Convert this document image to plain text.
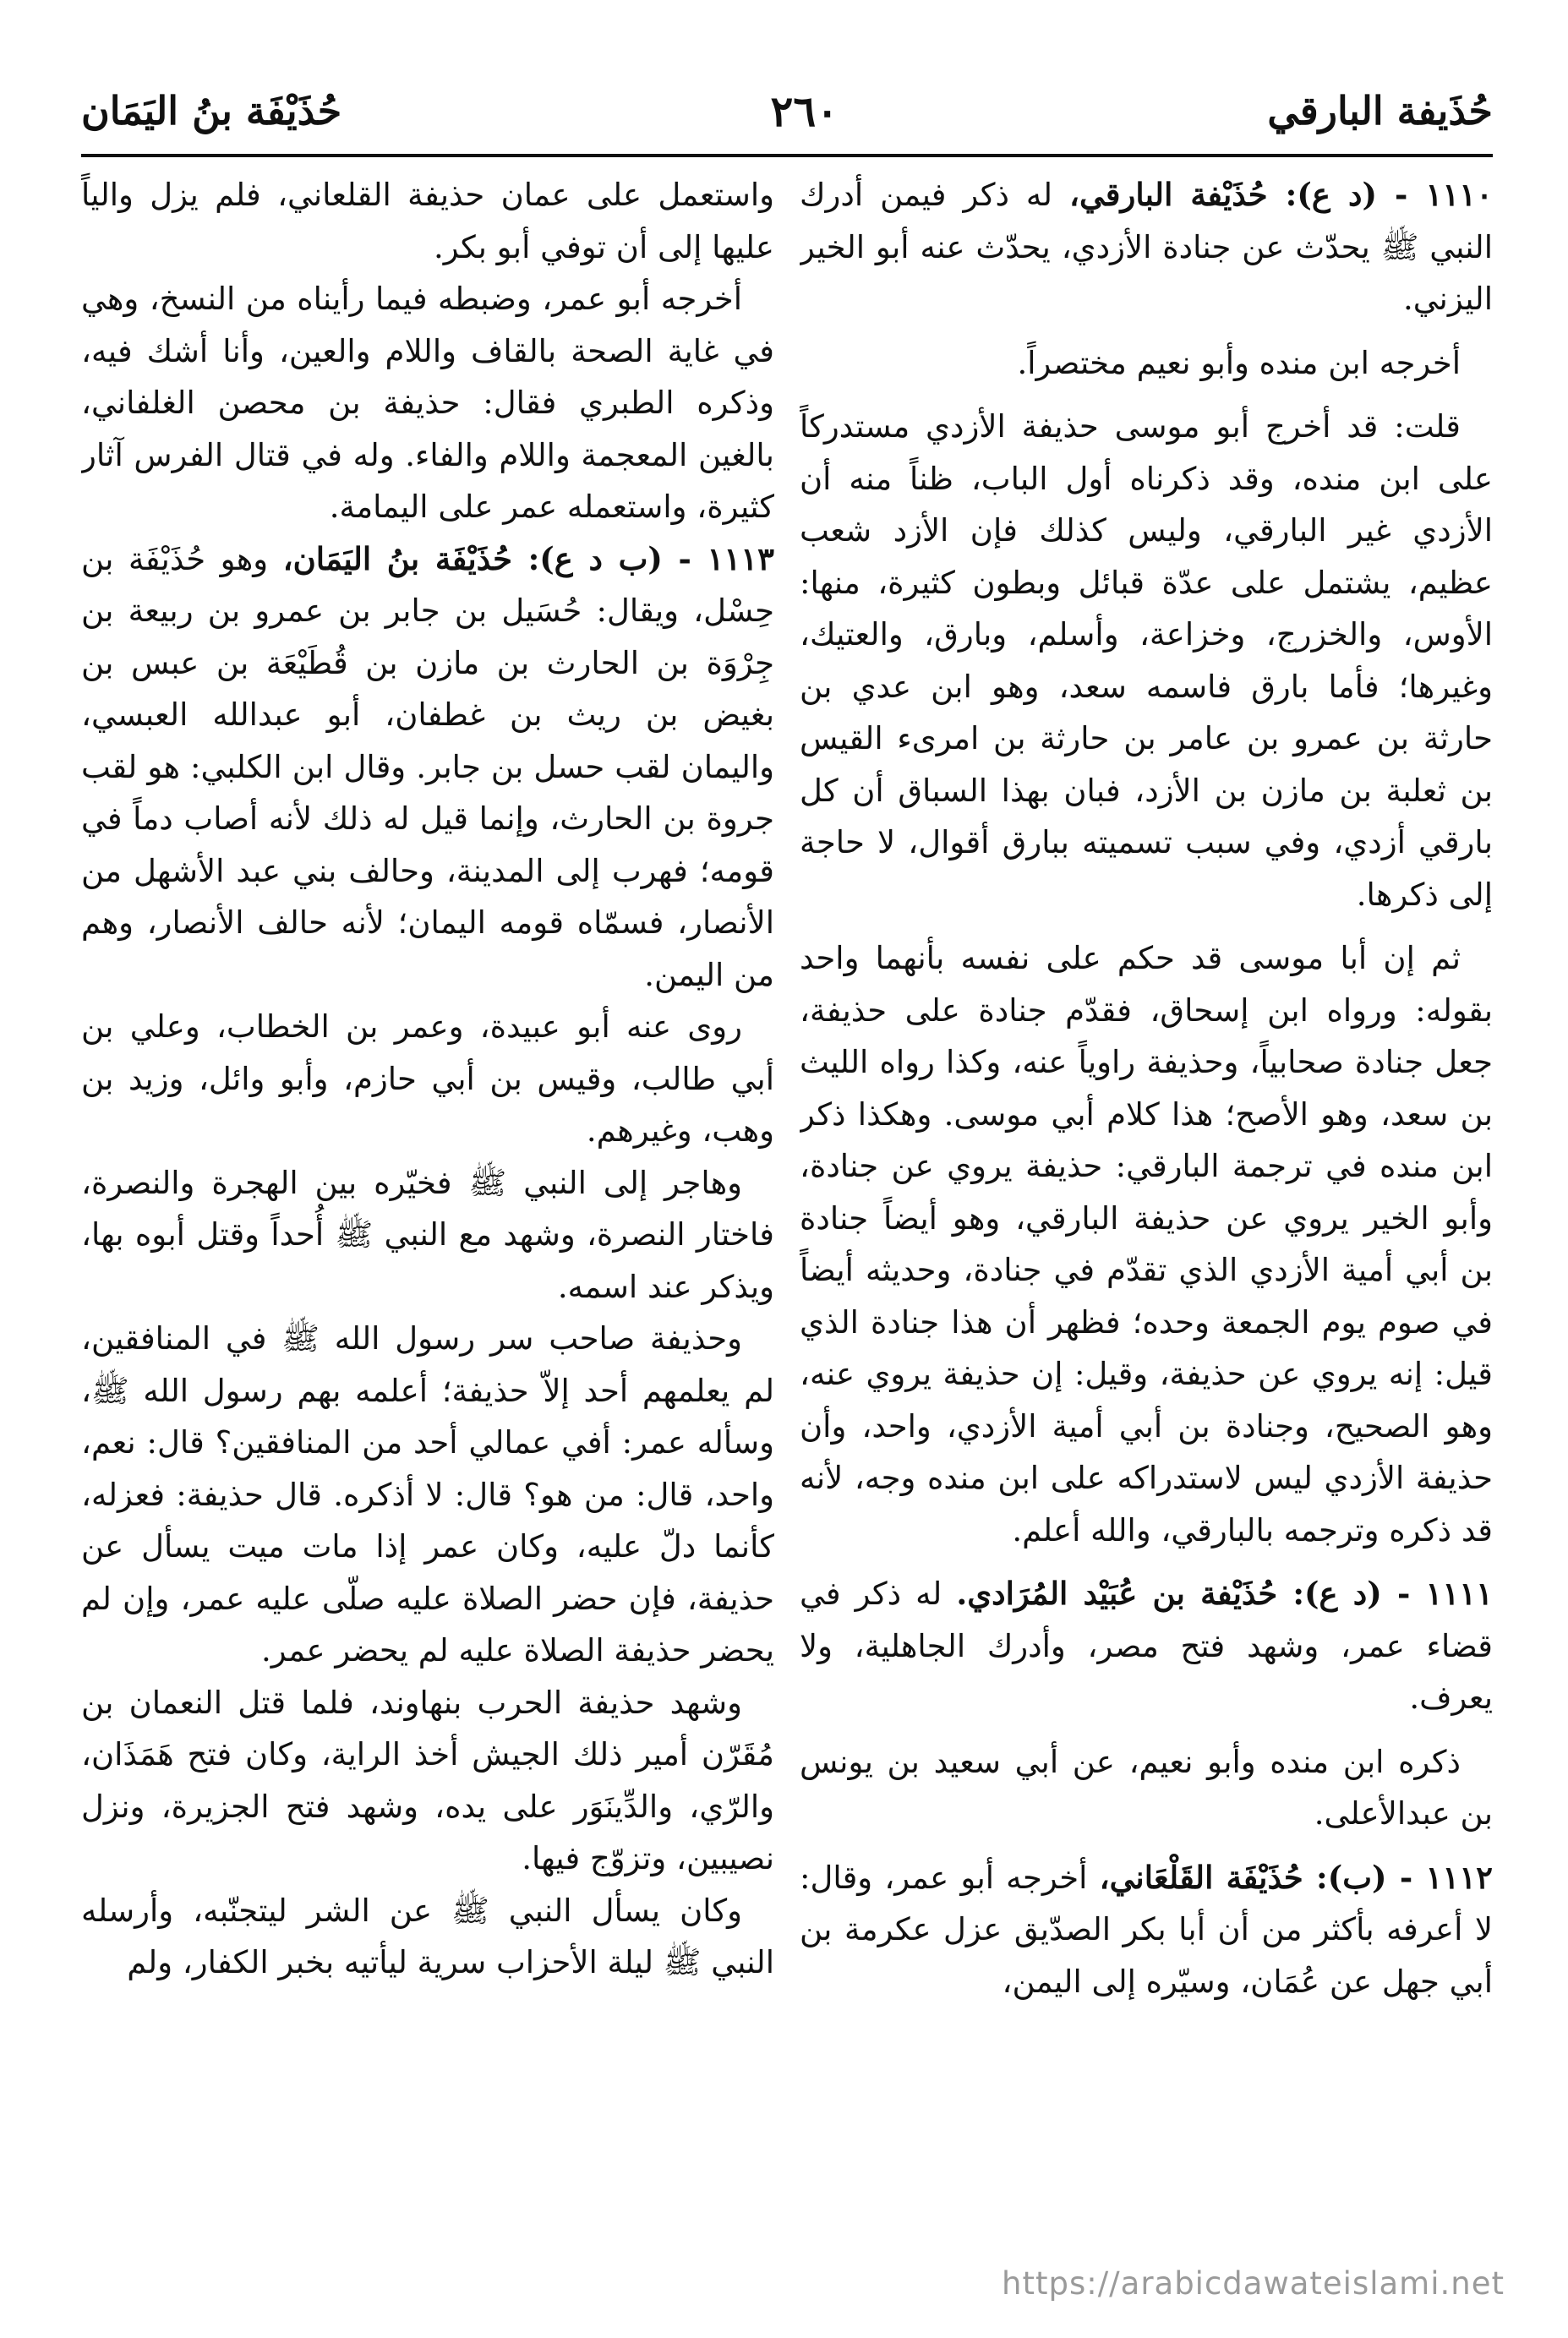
حُذَيفة البارقي
٢٦٠
حُذَيْفَة بنُ اليَمَان

١١١٠ - (د ع): حُذَيْفة البارقي، له ذكر فيمن أدرك النبي ﷺ يحدّث عن جنادة الأزدي، يحدّث عنه أبو الخير اليزني.

أخرجه ابن منده وأبو نعيم مختصراً.

قلت: قد أخرج أبو موسى حذيفة الأزدي مستدركاً على ابن منده، وقد ذكرناه أول الباب، ظناً منه أن الأزدي غير البارقي، وليس كذلك فإن الأزد شعب عظيم، يشتمل على عدّة قبائل وبطون كثيرة، منها: الأوس، والخزرج، وخزاعة، وأسلم، وبارق، والعتيك، وغيرها؛ فأما بارق فاسمه سعد، وهو ابن عدي بن حارثة بن عمرو بن عامر بن حارثة بن امرىء القيس بن ثعلبة بن مازن بن الأزد، فبان بهذا السباق أن كل بارقي أزدي، وفي سبب تسميته ببارق أقوال، لا حاجة إلى ذكرها.

ثم إن أبا موسى قد حكم على نفسه بأنهما واحد بقوله: ورواه ابن إسحاق، فقدّم جنادة على حذيفة، جعل جنادة صحابياً، وحذيفة راوياً عنه، وكذا رواه الليث بن سعد، وهو الأصح؛ هذا كلام أبي موسى. وهكذا ذكر ابن منده في ترجمة البارقي: حذيفة يروي عن جنادة، وأبو الخير يروي عن حذيفة البارقي، وهو أيضاً جنادة بن أبي أمية الأزدي الذي تقدّم في جنادة، وحديثه أيضاً في صوم يوم الجمعة وحده؛ فظهر أن هذا جنادة الذي قيل: إنه يروي عن حذيفة، وقيل: إن حذيفة يروي عنه، وهو الصحيح، وجنادة بن أبي أمية الأزدي، واحد، وأن حذيفة الأزدي ليس لاستدراكه على ابن منده وجه، لأنه قد ذكره وترجمه بالبارقي، والله أعلم.

١١١١ - (د ع): حُذَيْفة بن عُبَيْد المُرَادي. له ذكر في قضاء عمر، وشهد فتح مصر، وأدرك الجاهلية، ولا يعرف.

ذكره ابن منده وأبو نعيم، عن أبي سعيد بن يونس بن عبدالأعلى.

١١١٢ - (ب): حُذَيْفَة القَلْعَاني، أخرجه أبو عمر، وقال: لا أعرفه بأكثر من أن أبا بكر الصدّيق عزل عكرمة بن أبي جهل عن عُمَان، وسيّره إلى اليمن،

واستعمل على عمان حذيفة القلعاني، فلم يزل والياً عليها إلى أن توفي أبو بكر.

أخرجه أبو عمر، وضبطه فيما رأيناه من النسخ، وهي في غاية الصحة بالقاف واللام والعين، وأنا أشك فيه، وذكره الطبري فقال: حذيفة بن محصن الغلفاني، بالغين المعجمة واللام والفاء. وله في قتال الفرس آثار كثيرة، واستعمله عمر على اليمامة.

١١١٣ - (ب د ع): حُذَيْفَة بنُ اليَمَان، وهو حُذَيْفَة بن حِسْل، ويقال: حُسَيل بن جابر بن عمرو بن ربيعة بن جِرْوَة بن الحارث بن مازن بن قُطَيْعَة بن عبس بن بغيض بن ريث بن غطفان، أبو عبدالله العبسي، واليمان لقب حسل بن جابر. وقال ابن الكلبي: هو لقب جروة بن الحارث، وإنما قيل له ذلك لأنه أصاب دماً في قومه؛ فهرب إلى المدينة، وحالف بني عبد الأشهل من الأنصار، فسمّاه قومه اليمان؛ لأنه حالف الأنصار، وهم من اليمن.

روى عنه أبو عبيدة، وعمر بن الخطاب، وعلي بن أبي طالب، وقيس بن أبي حازم، وأبو وائل، وزيد بن وهب، وغيرهم.

وهاجر إلى النبي ﷺ فخيّره بين الهجرة والنصرة، فاختار النصرة، وشهد مع النبي ﷺ أُحداً وقتل أبوه بها، ويذكر عند اسمه.

وحذيفة صاحب سر رسول الله ﷺ في المنافقين، لم يعلمهم أحد إلاّ حذيفة؛ أعلمه بهم رسول الله ﷺ، وسأله عمر: أفي عمالي أحد من المنافقين؟ قال: نعم، واحد، قال: من هو؟ قال: لا أذكره. قال حذيفة: فعزله، كأنما دلّ عليه، وكان عمر إذا مات ميت يسأل عن حذيفة، فإن حضر الصلاة عليه صلّى عليه عمر، وإن لم يحضر حذيفة الصلاة عليه لم يحضر عمر.

وشهد حذيفة الحرب بنهاوند، فلما قتل النعمان بن مُقَرّن أمير ذلك الجيش أخذ الراية، وكان فتح هَمَذَان، والرّي، والدِّينَوَر على يده، وشهد فتح الجزيرة، ونزل نصيبين، وتزوّج فيها.

وكان يسأل النبي ﷺ عن الشر ليتجنّبه، وأرسله النبي ﷺ ليلة الأحزاب سرية ليأتيه بخبر الكفار، ولم

https://arabicdawateislami.net
